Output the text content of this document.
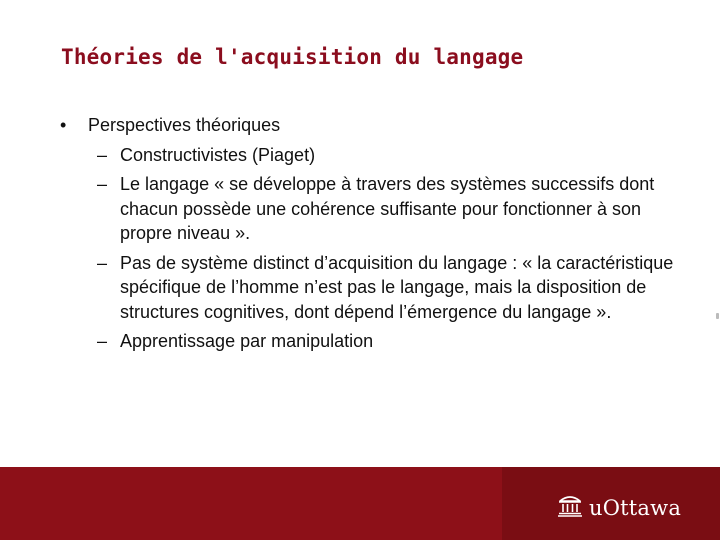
Théories de l'acquisition du langage
• Perspectives théoriques
– Constructivistes (Piaget)
– Le langage « se développe à travers des systèmes successifs dont chacun possède une cohérence suffisante pour fonctionner à son propre niveau ».
– Pas de système distinct d’acquisition du langage : « la caractéristique spécifique de l’homme n’est pas le langage, mais la disposition de structures cognitives, dont dépend l’émergence du langage ».
– Apprentissage par manipulation
uOttawa
